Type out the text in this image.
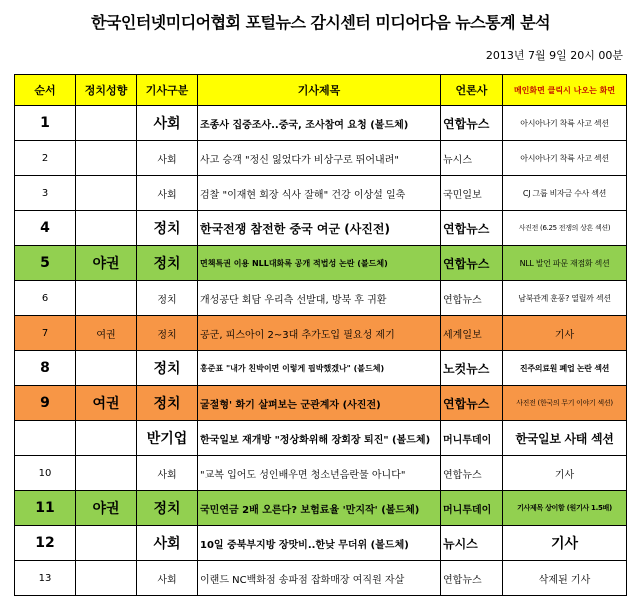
한국인터넷미디어협회 포털뉴스 감시센터 미디어다음 뉴스통계 분석
2013년 7월 9일 20시 00분
순서	정치성향	기사구분	기사제목	언론사	메인화면 클릭시 나오는 화면
1		사회	조종사 집중조사..중국, 조사참여 요청 (볼드체)	연합뉴스	아시아나기 착륙 사고 섹션
2		사회	사고 승객 "정신 잃었다가 비상구로 뛰어내려"	뉴시스	아시아나기 착륙 사고 섹션
3		사회	검찰 "이재현 회장 식사 잘해" 건강 이상설 일축	국민일보	CJ 그룹 비자금 수사 섹션
4		정치	한국전쟁 참전한 중국 여군 (사진전)	연합뉴스	사진전 (6.25 전쟁의 상흔 섹션)
5	야권	정치	면책특권 이용 NLL대화록 공개 적법성 논란 (볼드체)	연합뉴스	NLL 발언 파문 재점화 섹션
6		정치	개성공단 회담 우리측 선발대, 방북 후 귀환	연합뉴스	남북관계 훈풍? 열릴까 섹션
7	여권	정치	공군, 피스아이 2~3대 추가도입 필요성 제기	세계일보	기사
8		정치	홍준표 "내가 친박이면 이렇게 핍박했겠나" (볼드체)	노컷뉴스	진주의료원 폐업 논란 섹션
9	여권	정치	굴절형' 화기 살펴보는 군관계자 (사진전)	연합뉴스	사진전 (한국의 무기 이야기 섹션)
		반기업	한국일보 재개방 "정상화위해 장회장 퇴진" (볼드체)	머니투데이	한국일보 사태 섹션
10		사회	"교복 입어도 성인배우면 청소년음란물 아니다"	연합뉴스	기사
11	야권	정치	국민연금 2배 오른다? 보험료율 '만지작' (볼드체)	머니투데이	기사제목 상이함 (원기사 1.5배)
12		사회	10일 중북부지방 장맛비..한낮 무더위 (볼드체)	뉴시스	기사
13		사회	이랜드 NC백화점 송파점 잡화매장 여직원 자살	연합뉴스	삭제된 기사
